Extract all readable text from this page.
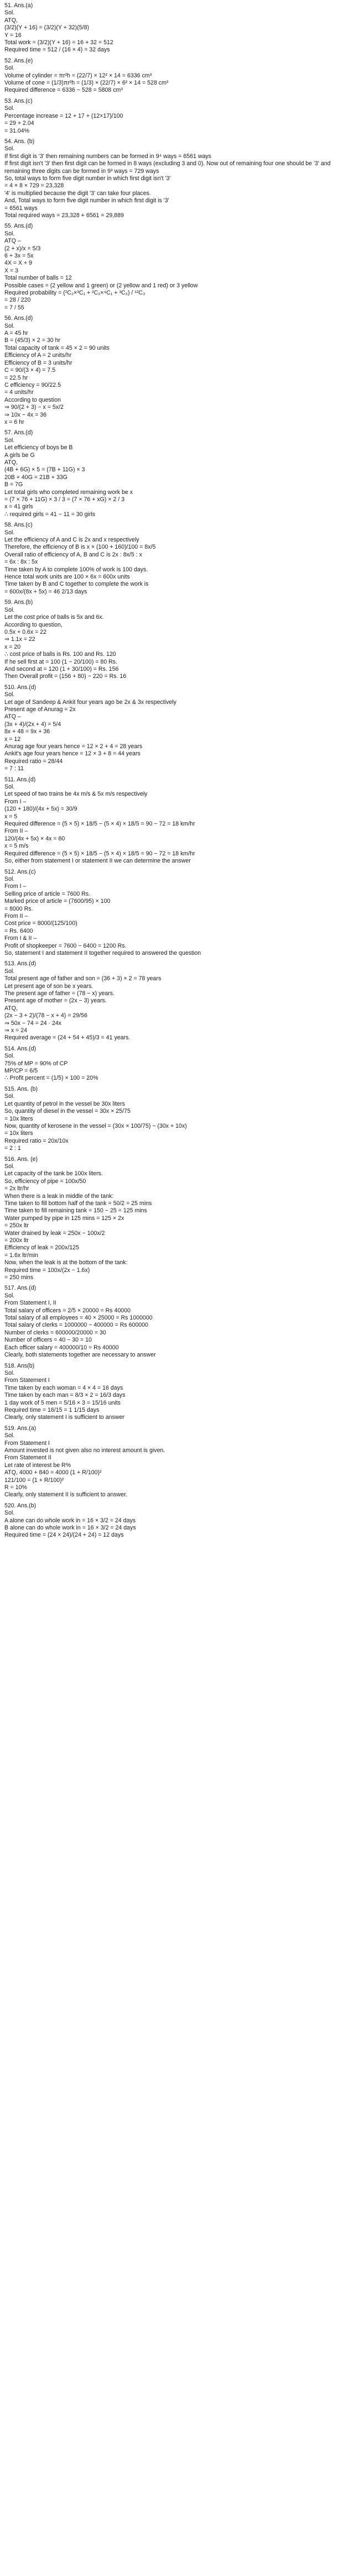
51. Ans.(a)
Sol.
ATQ,
(3/2)(Y + 16) = (3/2)(Y + 32)(5/8)
Y = 16
Total work = (3/2)(Y + 16) = 16 + 32 = 512
Required time = 512 / (16 × 4) = 32 days
52. Ans.(e)
Sol.
Volume of cylinder = πr²h = (22/7) × 12² × 14 = 6336 cm³
Volume of cone = (1/3)πr²h = (1/3) × (22/7) × 6² × 14 = 528 cm³
Required difference = 6336 − 528 = 5808 cm³
53. Ans.(c)
Sol.
Percentage increase = 12 + 17 + (12×17)/100
= 29 + 2.04
= 31.04%
54. Ans. (b)
Sol.
If first digit is '3' then remaining numbers can be formed in 9⁴ ways = 6561 ways
If first digit isn't '3' then first digit can be formed in 8 ways (excluding 3 and 0). Now out of remaining four one should be '3' and remaining three digits can be formed in 9³ ways = 729 ways
So, total ways to form five digit number in which first digit isn't '3'
= 4 × 8 × 729 = 23,328
'4' is multiplied because the digit '3' can take four places.
And, Total ways to form five digit number in which first digit is '3'
= 6561 ways
Total required ways = 23,328 + 6561 = 29,889
55. Ans.(d)
Sol.
ATQ –
(2 + x)/x = 5/3
6 + 3x = 5x
4X = X + 9
X = 3
Total number of balls = 12
Possible cases = (2 yellow and 1 green) or (2 yellow and 1 red) or 3 yellow
Required probability = (²C₂×³C₁ + ²C₂×⁴C₁ + ³C₃) / ¹²C₃
= 28 / 220
= 7 / 55
56. Ans.(d)
Sol.
A = 45 hr
B = (45/3) × 2 = 30 hr
Total capacity of tank = 45 × 2 = 90 units
Efficiency of A = 2 units/hr
Efficiency of B = 3 units/hr
C = 90/(3 × 4) = 7.5
= 22.5 hr
C efficiency = 90/22.5
= 4 units/hr
According to question
⇒ 90/(2 + 3) − x = 5x/2
⇒ 10x − 4x = 36
x = 6 hr
57. Ans.(d)
Sol.
Let efficiency of boys be B
A girls be G
ATQ,
(4B + 6G) × 5 = (7B + 11G) × 3
20B + 40G = 21B + 33G
B = 7G
Let total girls who completed remaining work be x
= (7 × 76 + 11G) × 3 / 3 = (7 × 76 + xG) × 2 / 3
x = 41 girls
∴ required girls = 41 − 11 = 30 girls
58. Ans.(c)
Sol.
Let the efficiency of A and C is 2x and x respectively
Therefore, the efficiency of B is x × (100 + 160)/100 = 8x/5
Overall ratio of efficiency of A, B and C is 2x : 8x/5 : x
= 6x : 8x : 5x
Time taken by A to complete 100% of work is 100 days.
Hence total work units are 100 × 6x = 600x units
Time taken by B and C together to complete the work is
= 600x/(8x + 5x) = 46 2/13 days
59. Ans.(b)
Sol.
Let the cost price of balls is 5x and 6x.
According to question,
0.5x + 0.6x = 22
⇒ 1.1x = 22
x = 20
∴ cost price of balls is Rs. 100 and Rs. 120
If he sell first at = 100 (1 − 20/100) = 80 Rs.
And second at = 120 (1 + 30/100) = Rs. 156
Then Overall profit = (156 + 80) − 220 = Rs. 16
510. Ans.(d)
Sol.
Let age of Sandeep & Ankit four years ago be 2x & 3x respectively
Present age of Anurag = 2x
ATQ –
(3x + 4)/(2x + 4) = 5/4
8x + 48 = 9x + 36
x = 12
Anurag age four years hence = 12 × 2 + 4 = 28 years
Ankit's age four years hence = 12 × 3 + 8 = 44 years
Required ratio = 28/44
= 7 : 11
511. Ans.(d)
Sol.
Let speed of two trains be 4x m/s & 5x m/s respectively
From I –
(120 + 180)/(4x + 5x) = 30/9
x = 5
Required difference = (5 × 5) × 18/5 − (5 × 4) × 18/5 = 90 − 72 = 18 km/hr
From II –
120/(4x + 5x) × 4x = 60
x = 5 m/s
Required difference = (5 × 5) × 18/5 − (5 × 4) × 18/5 = 90 − 72 = 18 km/hr
So, either from statement I or statement II we can determine the answer
512. Ans.(c)
Sol.
From I –
Selling price of article = 7600 Rs.
Marked price of article = (7600/95) × 100
= 8000 Rs.
From II –
Cost price = 8000/(125/100)
= Rs. 6400
From I & II –
Profit of shopkeeper = 7600 − 6400 = 1200 Rs.
So, statement I and statement II together required to answered the question
513. Ans.(d)
Sol.
Total present age of father and son = (36 + 3) × 2 = 78 years
Let present age of son be x years.
The present age of father = (78 − x) years.
Present age of mother = (2x − 3) years.
ATQ,
(2x − 3 + 2)/(78 − x + 4) = 29/56
⇒ 50x − 74 = 24 · 24x
⇒ x = 24
Required average = (24 + 54 + 45)/3 = 41 years.
514. Ans.(d)
Sol.
75% of MP = 90% of CP
MP/CP = 6/5
∴ Profit percent = (1/5) × 100 = 20%
515. Ans. (b)
Sol.
Let quantity of petrol in the vessel be 30x liters
So, quantity of diesel in the vessel = 30x × 25/75
= 10x liters
Now, quantity of kerosene in the vessel = (30x × 100/75) − (30x + 10x)
= 10x liters
Required ratio = 20x/10x
= 2 : 1
516. Ans. (e)
Sol.
Let capacity of the tank be 100x liters.
So, efficiency of pipe = 100x/50
= 2x ltr/hr
When there is a leak in middle of the tank:
Time taken to fill bottom half of the tank = 50/2 = 25 mins
Time taken to fill remaining tank = 150 − 25 = 125 mins
Water pumped by pipe in 125 mins = 125 × 2x
= 250x ltr
Water drained by leak = 250x − 100x/2
= 200x ltr
Efficiency of leak = 200x/125
= 1.6x ltr/min
Now, when the leak is at the bottom of the tank:
Required time = 100x/(2x − 1.6x)
= 250 mins
517. Ans.(d)
Sol.
From Statement I, II
Total salary of officers = 2/5 × 20000 = Rs 40000
Total salary of all employees = 40 × 25000 = Rs 1000000
Total salary of clerks = 1000000 − 400000 = Rs 600000
Number of clerks = 600000/20000 = 30
Number of officers = 40 − 30 = 10
Each officer salary = 400000/10 = Rs 40000
Clearly, both statements together are necessary to answer
518. Ans(b)
Sol.
From Statement I
Time taken by each woman = 4 × 4 = 16 days
Time taken by each man = 8/3 × 2 = 16/3 days
1 day work of 5 men = 5/16 × 3 = 15/16 units
Required time = 16/15 = 1 1/15 days
Clearly, only statement I is sufficient to answer
519. Ans.(a)
Sol.
From Statement I
Amount invested is not given also no interest amount is given.
From Statement II
Let rate of interest be R%
ATQ, 4000 + 840 = 4000 (1 + R/100)²
121/100 = (1 + R/100)²
R = 10%
Clearly, only statement II is sufficient to answer.
520. Ans.(b)
Sol.
A alone can do whole work in = 16 × 3/2 = 24 days
B alone can do whole work in = 16 × 3/2 = 24 days
Required time = (24 × 24)/(24 + 24) = 12 days
